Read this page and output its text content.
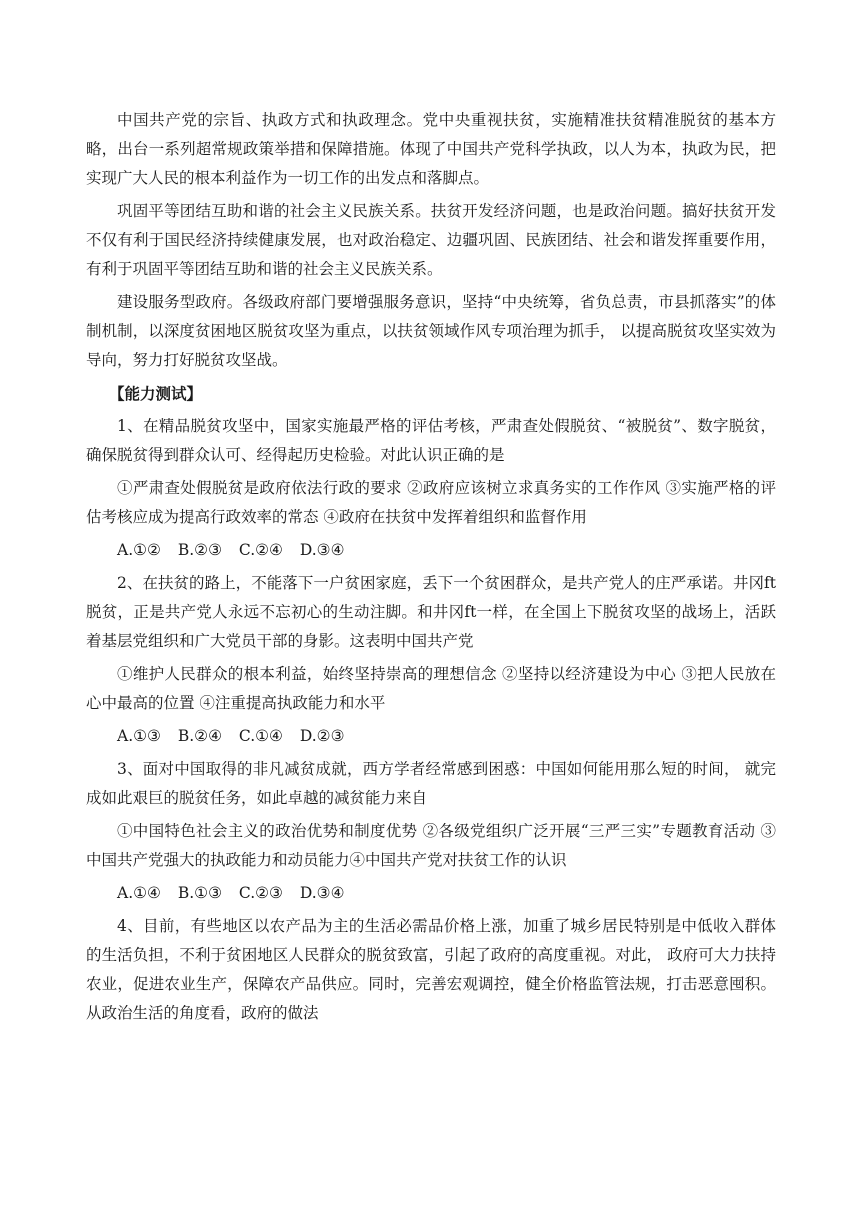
中国共产党的宗旨、执政方式和执政理念。党中央重视扶贫，实施精准扶贫精准脱贫的基本方略，出台一系列超常规政策举措和保障措施。体现了中国共产党科学执政，以人为本，执政为民，把实现广大人民的根本利益作为一切工作的出发点和落脚点。

巩固平等团结互助和谐的社会主义民族关系。扶贫开发经济问题，也是政治问题。搞好扶贫开发不仅有利于国民经济持续健康发展，也对政治稳定、边疆巩固、民族团结、社会和谐发挥重要作用，有利于巩固平等团结互助和谐的社会主义民族关系。

建设服务型政府。各级政府部门要增强服务意识，坚持“中央统筹，省负总责，市县抓落实”的体制机制，以深度贫困地区脱贫攻坚为重点，以扶贫领域作风专项治理为抓手， 以提高脱贫攻坚实效为导向，努力打好脱贫攻坚战。

【能力测试】

1、在精品脱贫攻坚中，国家实施最严格的评估考核，严肃查处假脱贫、“被脱贫”、数字脱贫，确保脱贫得到群众认可、经得起历史检验。对此认识正确的是

①严肃查处假脱贫是政府依法行政的要求 ②政府应该树立求真务实的工作作风 ③实施严格的评估考核应成为提高行政效率的常态 ④政府在扶贫中发挥着组织和监督作用

A.①② B.②③ C.②④ D.③④

2、在扶贫的路上，不能落下一户贫困家庭，丢下一个贫困群众，是共产党人的庄严承诺。井冈ft脱贫，正是共产党人永远不忘初心的生动注脚。和井冈ft一样，在全国上下脱贫攻坚的战场上，活跃着基层党组织和广大党员干部的身影。这表明中国共产党

①维护人民群众的根本利益，始终坚持崇高的理想信念 ②坚持以经济建设为中心 ③把人民放在心中最高的位置 ④注重提高执政能力和水平

A.①③ B.②④ C.①④ D.②③

3、面对中国取得的非凡减贫成就，西方学者经常感到困惑：中国如何能用那么短的时间， 就完成如此艰巨的脱贫任务，如此卓越的减贫能力来自

①中国特色社会主义的政治优势和制度优势 ②各级党组织广泛开展“三严三实”专题教育活动 ③中国共产党强大的执政能力和动员能力④中国共产党对扶贫工作的认识

A.①④ B.①③ C.②③ D.③④

4、目前，有些地区以农产品为主的生活必需品价格上涨，加重了城乡居民特别是中低收入群体的生活负担，不利于贫困地区人民群众的脱贫致富，引起了政府的高度重视。对此， 政府可大力扶持农业，促进农业生产，保障农产品供应。同时，完善宏观调控，健全价格监管法规，打击恶意囤积。从政治生活的角度看，政府的做法
